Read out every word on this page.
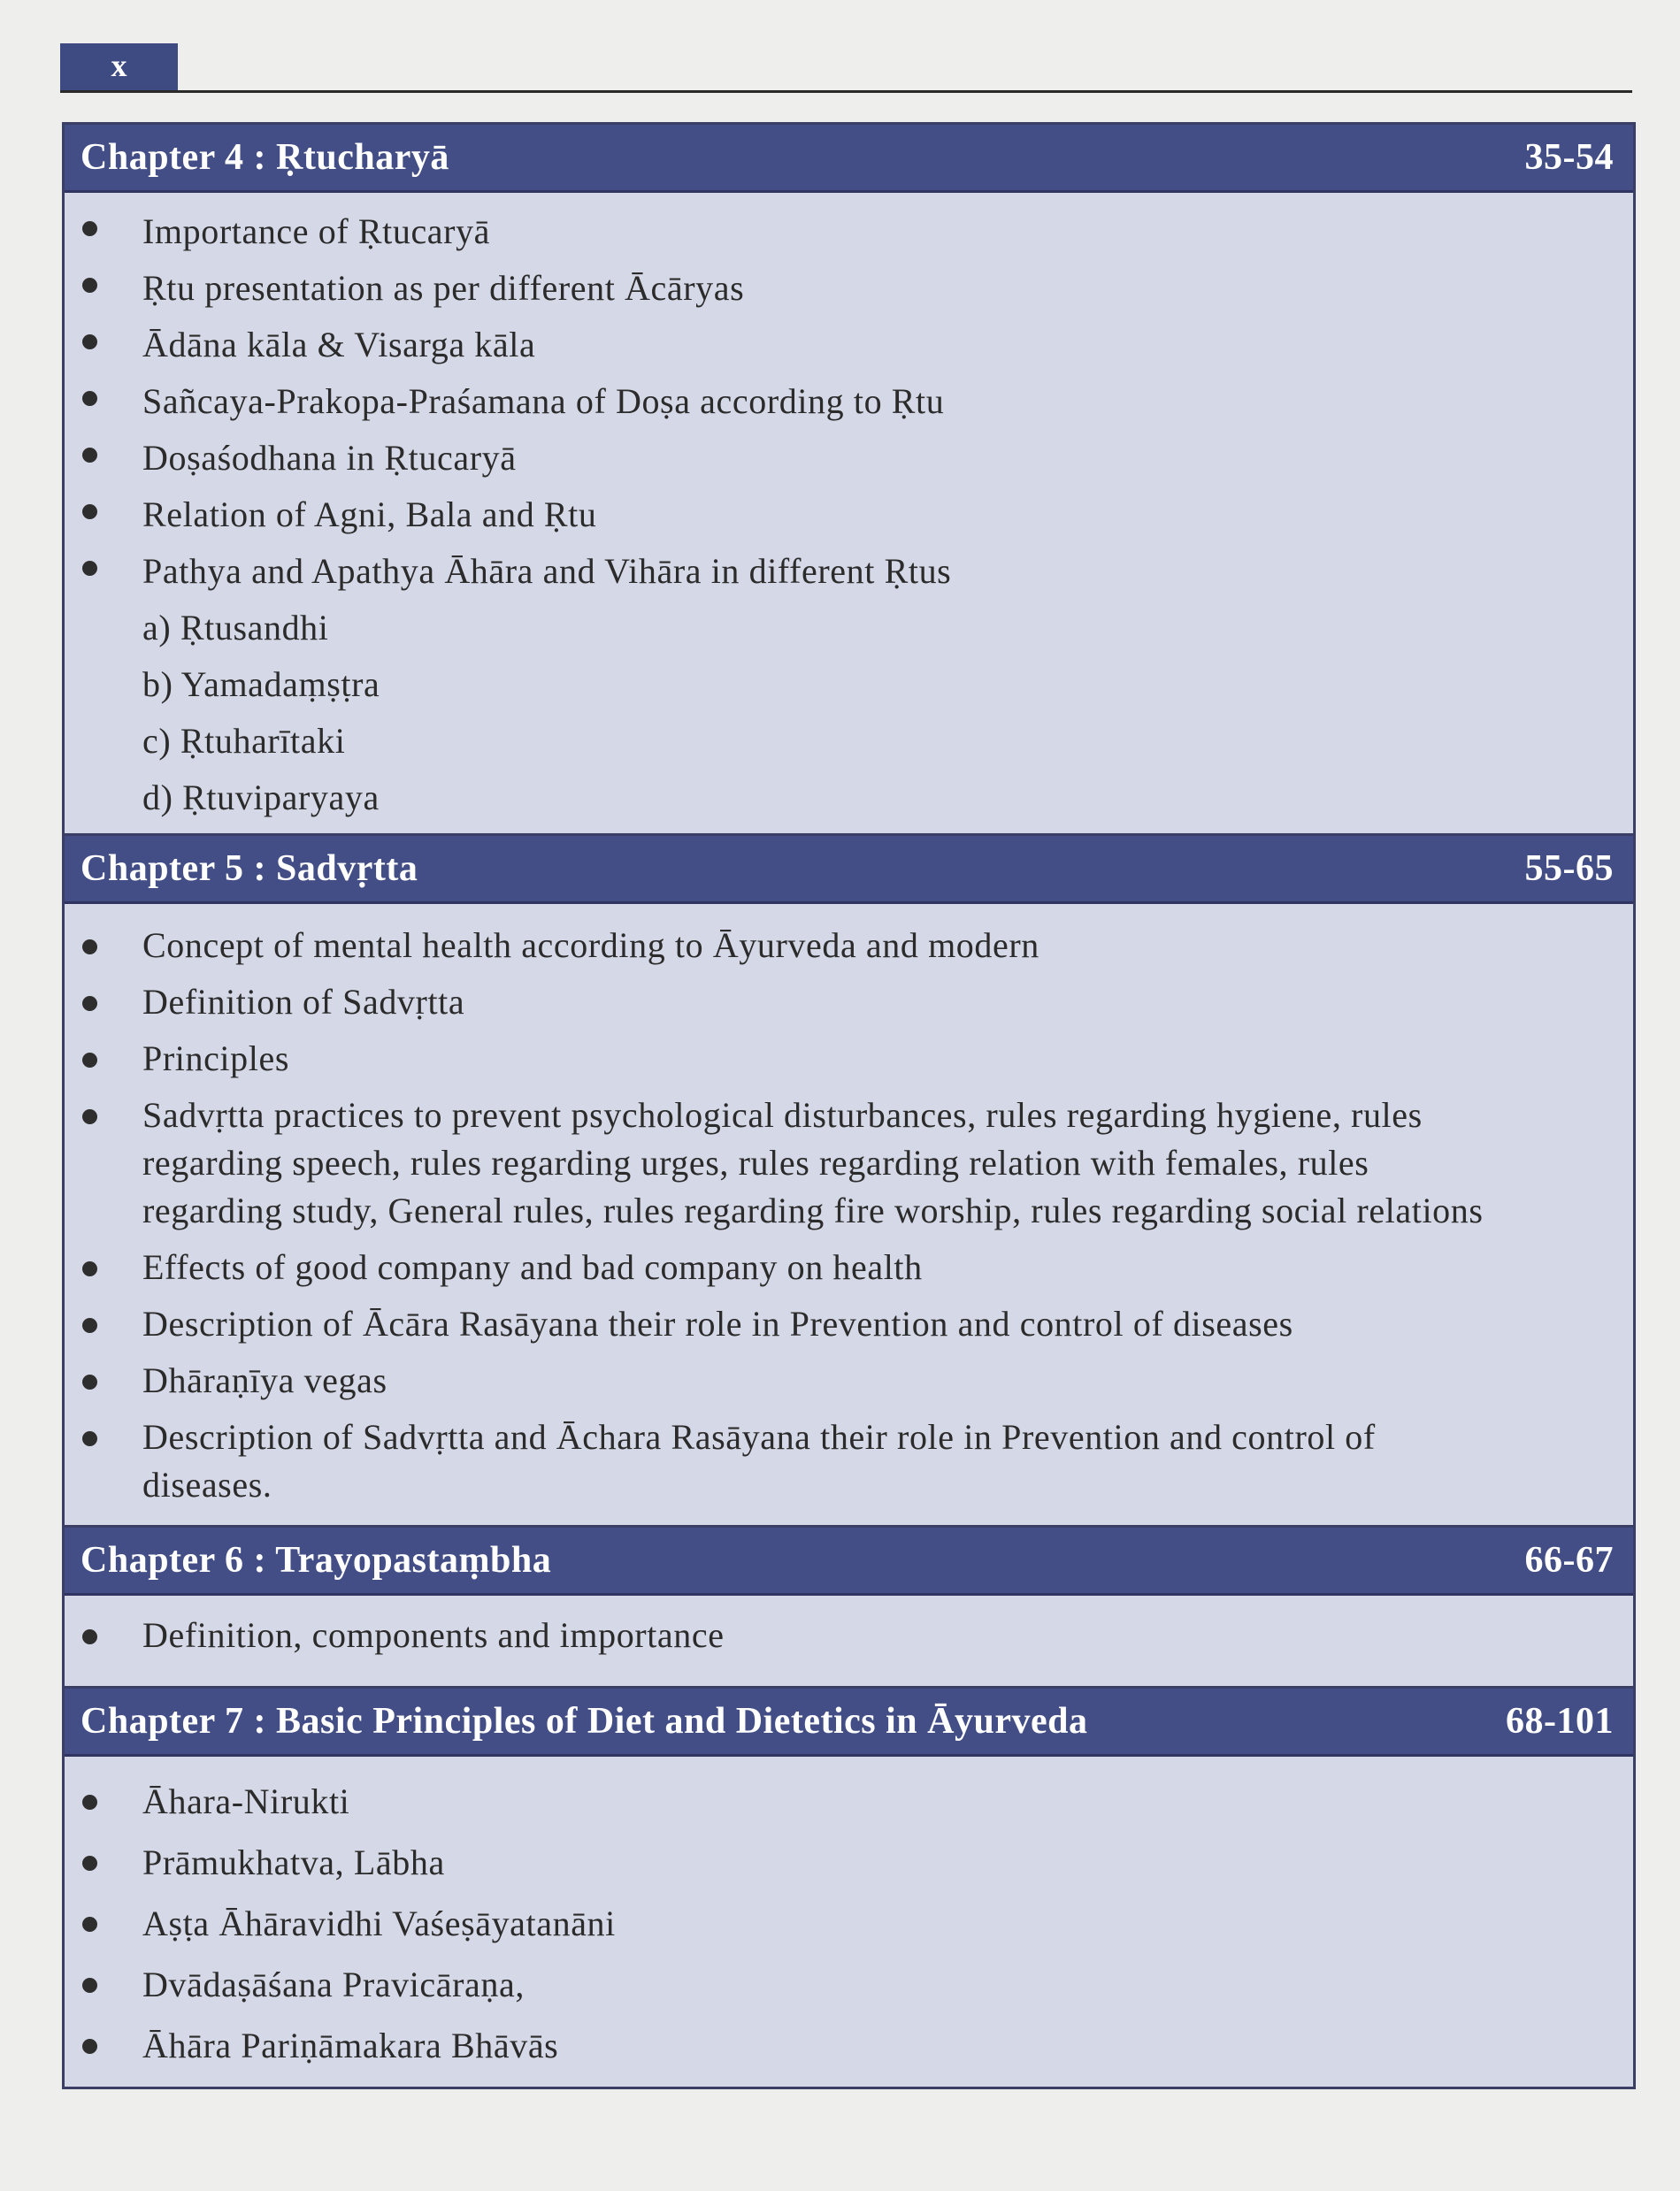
x
Chapter 4 : Ṛtucharyā	35-54
Importance of Ṛtucaryā
Ṛtu presentation as per different Ācāryas
Ādāna kāla & Visarga kāla
Sañcaya-Prakopa-Praśamana of Doṣa according to Ṛtu
Doṣaśodhana in Ṛtucaryā
Relation of Agni, Bala and Ṛtu
Pathya and Apathya Āhāra and Vihāra in different Ṛtus
a) Ṛtusandhi
b) Yamadaṃṣṭra
c) Ṛtuharītaki
d) Ṛtuviparyaya
Chapter 5 : Sadvṛtta	55-65
Concept of mental health according to Āyurveda and modern
Definition of Sadvṛtta
Principles
Sadvṛtta practices to prevent psychological disturbances, rules regarding hygiene, rules regarding speech, rules regarding urges, rules regarding relation with females, rules regarding study, General rules, rules regarding fire worship, rules regarding social relations
Effects of good company and bad company on health
Description of Ācāra Rasāyana their role in Prevention and control of diseases
Dhāraṇīya vegas
Description of Sadvṛtta and Āchara Rasāyana their role in Prevention and control of diseases.
Chapter 6 : Trayopastaṃbha	66-67
Definition, components and importance
Chapter 7 : Basic Principles of Diet and Dietetics in Āyurveda	68-101
Āhara-Nirukti
Prāmukhatva, Lābha
Aṣṭa Āhāravidhi Vaśeṣāyatanāni
Dvādaṣāśana Pravicāraṇa,
Āhāra Pariṇāmakara Bhāvās
